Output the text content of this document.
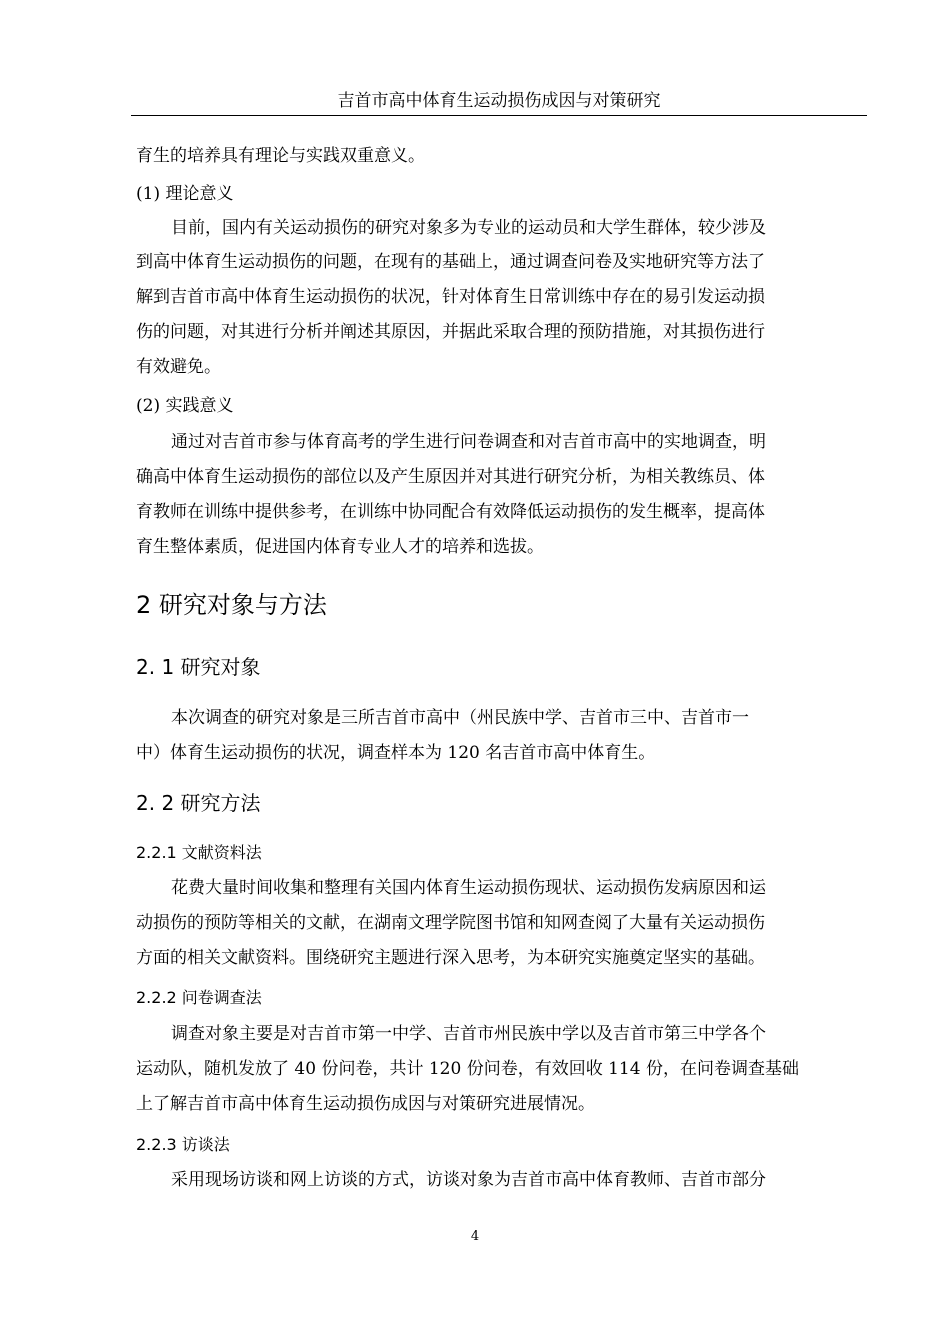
吉首市高中体育生运动损伤成因与对策研究
育生的培养具有理论与实践双重意义。
(1) 理论意义
目前，国内有关运动损伤的研究对象多为专业的运动员和大学生群体，较少涉及
到高中体育生运动损伤的问题，在现有的基础上，通过调查问卷及实地研究等方法了
解到吉首市高中体育生运动损伤的状况，针对体育生日常训练中存在的易引发运动损
伤的问题，对其进行分析并阐述其原因，并据此采取合理的预防措施，对其损伤进行
有效避免。
(2) 实践意义
通过对吉首市参与体育高考的学生进行问卷调查和对吉首市高中的实地调查，明
确高中体育生运动损伤的部位以及产生原因并对其进行研究分析，为相关教练员、体
育教师在训练中提供参考，在训练中协同配合有效降低运动损伤的发生概率，提高体
育生整体素质，促进国内体育专业人才的培养和选拔。
2 研究对象与方法
2. 1 研究对象
本次调查的研究对象是三所吉首市高中（州民族中学、吉首市三中、吉首市一
中）体育生运动损伤的状况，调查样本为 120 名吉首市高中体育生。
2. 2 研究方法
2.2.1 文献资料法
花费大量时间收集和整理有关国内体育生运动损伤现状、运动损伤发病原因和运
动损伤的预防等相关的文献，在湖南文理学院图书馆和知网查阅了大量有关运动损伤
方面的相关文献资料。围绕研究主题进行深入思考，为本研究实施奠定坚实的基础。
2.2.2 问卷调查法
调查对象主要是对吉首市第一中学、吉首市州民族中学以及吉首市第三中学各个
运动队，随机发放了 40 份问卷，共计 120 份问卷，有效回收 114 份，在问卷调查基础
上了解吉首市高中体育生运动损伤成因与对策研究进展情况。
2.2.3 访谈法
采用现场访谈和网上访谈的方式，访谈对象为吉首市高中体育教师、吉首市部分
4
